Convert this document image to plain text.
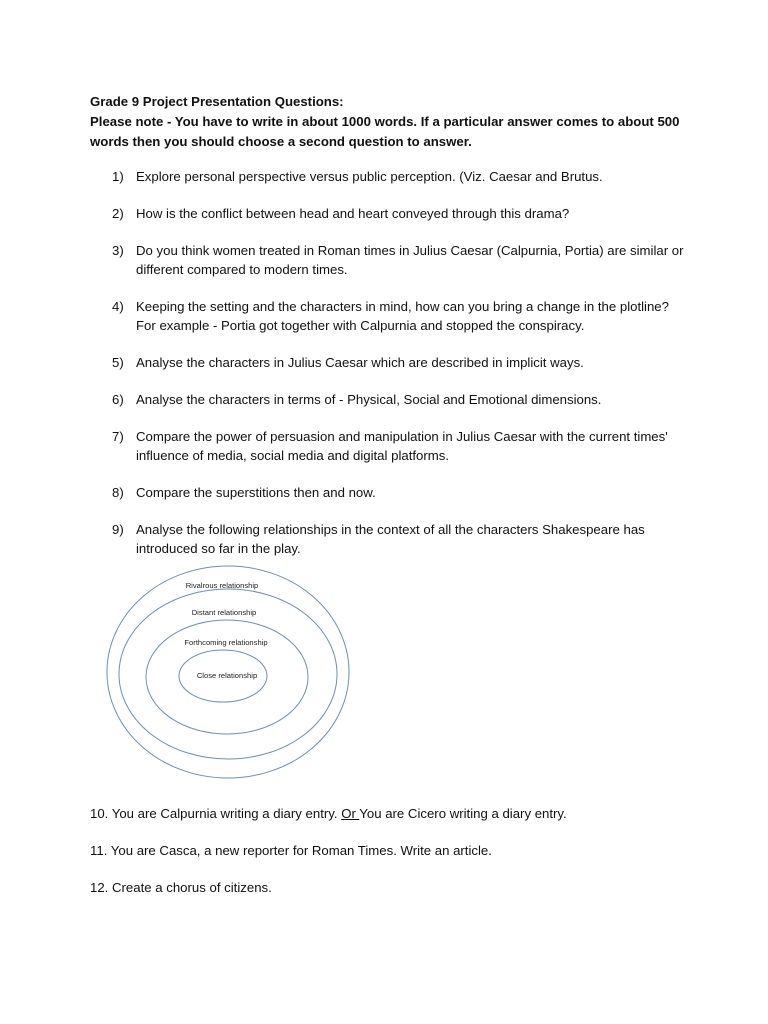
Grade 9 Project Presentation Questions:

Please note - You have to write in about 1000 words. If a particular answer comes to about 500 words then you should choose a second question to answer.

1) Explore personal perspective versus public perception. (Viz. Caesar and Brutus.
2) How is the conflict between head and heart conveyed through this drama?
3) Do you think women treated in Roman times in Julius Caesar (Calpurnia, Portia) are similar or different compared to modern times.
4) Keeping the setting and the characters in mind, how can you bring a change in the plotline? For example - Portia got together with Calpurnia and stopped the conspiracy.
5) Analyse the characters in Julius Caesar which are described in implicit ways.
6) Analyse the characters in terms of - Physical, Social and Emotional dimensions.
7) Compare the power of persuasion and manipulation in Julius Caesar with the current times' influence of media, social media and digital platforms.
8) Compare the superstitions then and now.
9) Analyse the following relationships in the context of all the characters Shakespeare has introduced so far in the play.
Rivalrous relationship
Distant relationship
Forthcoming relationship
Close relationship

10. You are Calpurnia writing a diary entry. Or You are Cicero writing a diary entry.

11. You are Casca, a new reporter for Roman Times. Write an article.

12. Create a chorus of citizens.
